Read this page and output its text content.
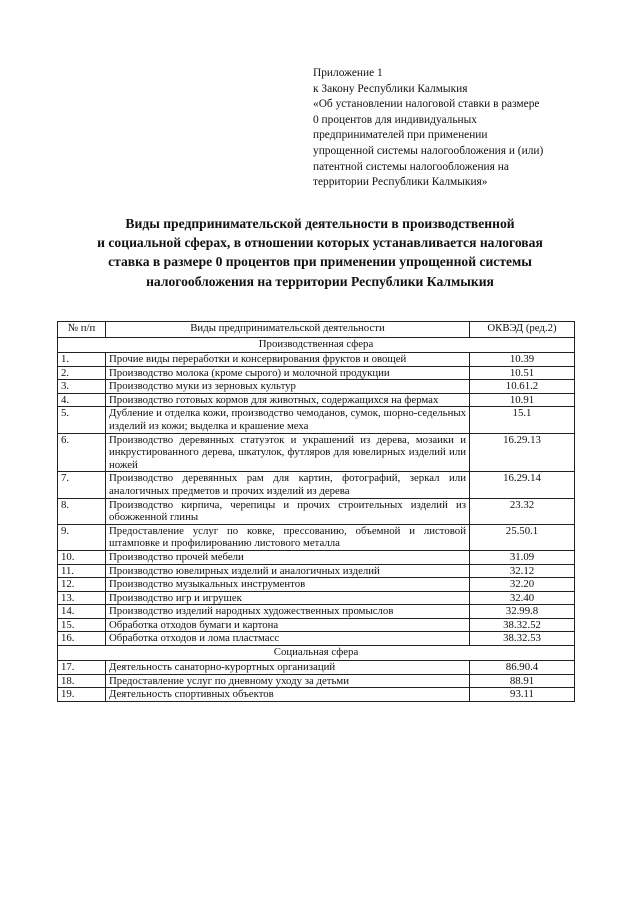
Приложение 1
к Закону Республики Калмыкия
«Об установлении налоговой ставки в размере
0 процентов для индивидуальных
предпринимателей при применении
упрощенной системы налогообложения и (или)
патентной системы налогообложения на
территории Республики Калмыкия»
Виды предпринимательской деятельности в производственной
и социальной сферах, в отношении которых устанавливается налоговая
ставка в размере 0 процентов при применении упрощенной системы
налогообложения на территории Республики Калмыкия
№ п/п	Виды предпринимательской деятельности	ОКВЭД (ред.2)
Производственная сфера		
1.	Прочие виды переработки и консервирования фруктов и овощей	10.39
2.	Производство молока (кроме сырого) и молочной продукции	10.51
3.	Производство муки из зерновых культур	10.61.2
4.	Производство готовых кормов для животных, содержащихся на фермах	10.91
5.	Дубление и отделка кожи, производство чемоданов, сумок, шорно-седельных изделий из кожи; выделка и крашение меха	15.1
6.	Производство деревянных статуэток и украшений из дерева, мозаики и инкрустированного дерева, шкатулок, футляров для ювелирных изделий или ножей	16.29.13
7.	Производство деревянных рам для картин, фотографий, зеркал или аналогичных предметов и прочих изделий из дерева	16.29.14
8.	Производство кирпича, черепицы и прочих строительных изделий из обожженной глины	23.32
9.	Предоставление услуг по ковке, прессованию, объемной и листовой штамповке и профилированию листового металла	25.50.1
10.	Производство прочей мебели	31.09
11.	Производство ювелирных изделий и аналогичных изделий	32.12
12.	Производство музыкальных инструментов	32.20
13.	Производство игр и игрушек	32.40
14.	Производство изделий народных художественных промыслов	32.99.8
15.	Обработка отходов бумаги и картона	38.32.52
16.	Обработка отходов и лома пластмасс	38.32.53
Социальная сфера		
17.	Деятельность санаторно-курортных организаций	86.90.4
18.	Предоставление услуг по дневному уходу за детьми	88.91
19.	Деятельность спортивных объектов	93.11
